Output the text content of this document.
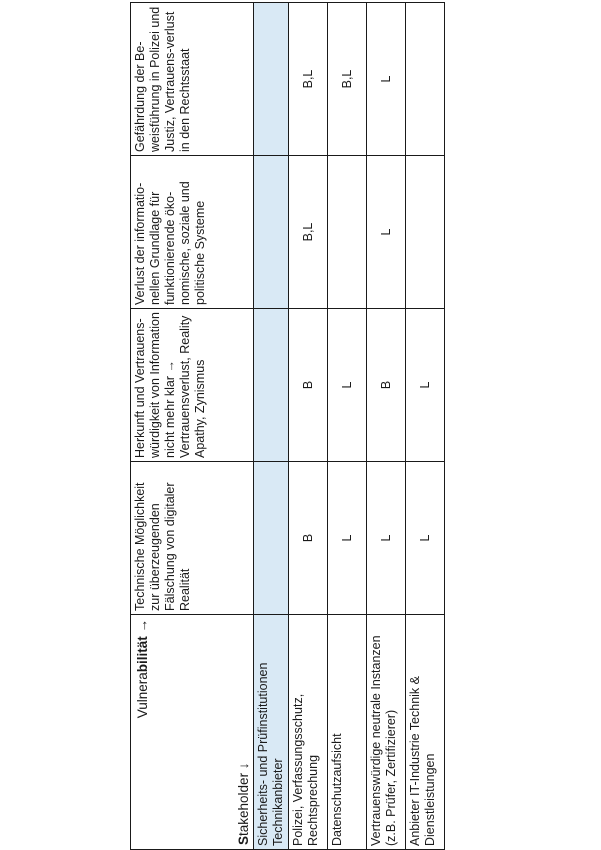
Vulnerabilität →
Stakeholder ↓	Technische Möglichkeit zur überzeugenden Fälschung von digitaler Realität	Herkunft und Vertrauens-würdigkeit von Information nicht mehr klar → Vertrauensverlust, Reality Apathy, Zynismus	Verlust der informatio-nellen Grundlage für funktionierende öko-nomische, soziale und politische Systeme	Gefährdung der Be-weisführung in Polizei und Justiz, Vertrauens-verlust in den Rechtsstaat
Sicherheits- und Prüfinstitutionen Technikanbieter				
Polizei, Verfassungsschutz, Rechtsprechung	B	B	B,L	B,L
Datenschutzaufsicht	L	L		B,L
Vertrauenswürdige neutrale Instanzen (z.B. Prüfer, Zertifizierer)	L	B	L	L
Anbieter IT-Industrie Technik & Dienstleistungen	L	L		
